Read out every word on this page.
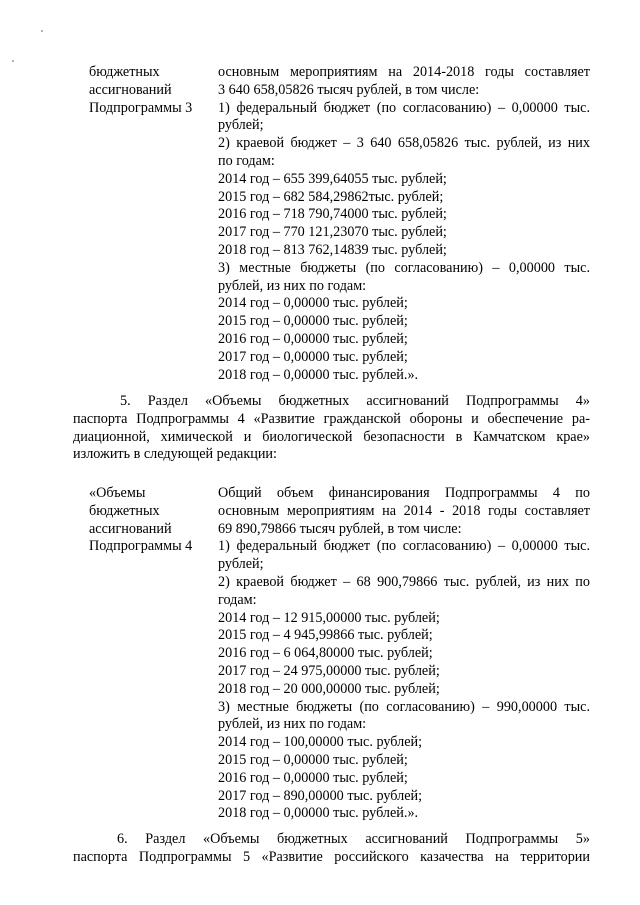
бюджетных
ассигнований
Подпрограммы 3
основным мероприятиям на 2014-2018 годы составляет
3 640 658,05826 тысяч рублей, в том числе:
1) федеральный бюджет (по согласованию) – 0,00000 тыс.
рублей;
2) краевой бюджет – 3 640 658,05826 тыс. рублей, из них
по годам:
2014 год – 655 399,64055 тыс. рублей;
2015 год – 682 584,29862тыс. рублей;
2016 год – 718 790,74000 тыс. рублей;
2017 год – 770 121,23070 тыс. рублей;
2018 год – 813 762,14839 тыс. рублей;
3) местные бюджеты (по согласованию) – 0,00000 тыс.
рублей, из них по годам:
2014 год – 0,00000 тыс. рублей;
2015 год – 0,00000 тыс. рублей;
2016 год – 0,00000 тыс. рублей;
2017 год – 0,00000 тыс. рублей;
2018 год – 0,00000 тыс. рублей.».
5. Раздел «Объемы бюджетных ассигнований Подпрограммы 4»
паспорта Подпрограммы 4 «Развитие гражданской обороны и обеспечение ра-
диационной, химической и биологической безопасности в Камчатском крае»
изложить в следующей редакции:
«Объемы
бюджетных
ассигнований
Подпрограммы 4
Общий объем финансирования Подпрограммы 4 по
основным мероприятиям на 2014 - 2018 годы составляет
69 890,79866 тысяч рублей, в том числе:
1) федеральный бюджет (по согласованию) – 0,00000 тыс.
рублей;
2) краевой бюджет – 68 900,79866 тыс. рублей, из них по
годам:
2014 год – 12 915,00000 тыс. рублей;
2015 год – 4 945,99866 тыс. рублей;
2016 год – 6 064,80000 тыс. рублей;
2017 год – 24 975,00000 тыс. рублей;
2018 год – 20 000,00000 тыс. рублей;
3) местные бюджеты (по согласованию) – 990,00000 тыс.
рублей, из них по годам:
2014 год – 100,00000 тыс. рублей;
2015 год – 0,00000 тыс. рублей;
2016 год – 0,00000 тыс. рублей;
2017 год – 890,00000 тыс. рублей;
2018 год – 0,00000 тыс. рублей.».
6. Раздел «Объемы бюджетных ассигнований Подпрограммы 5»
паспорта Подпрограммы 5 «Развитие российского казачества на территории
